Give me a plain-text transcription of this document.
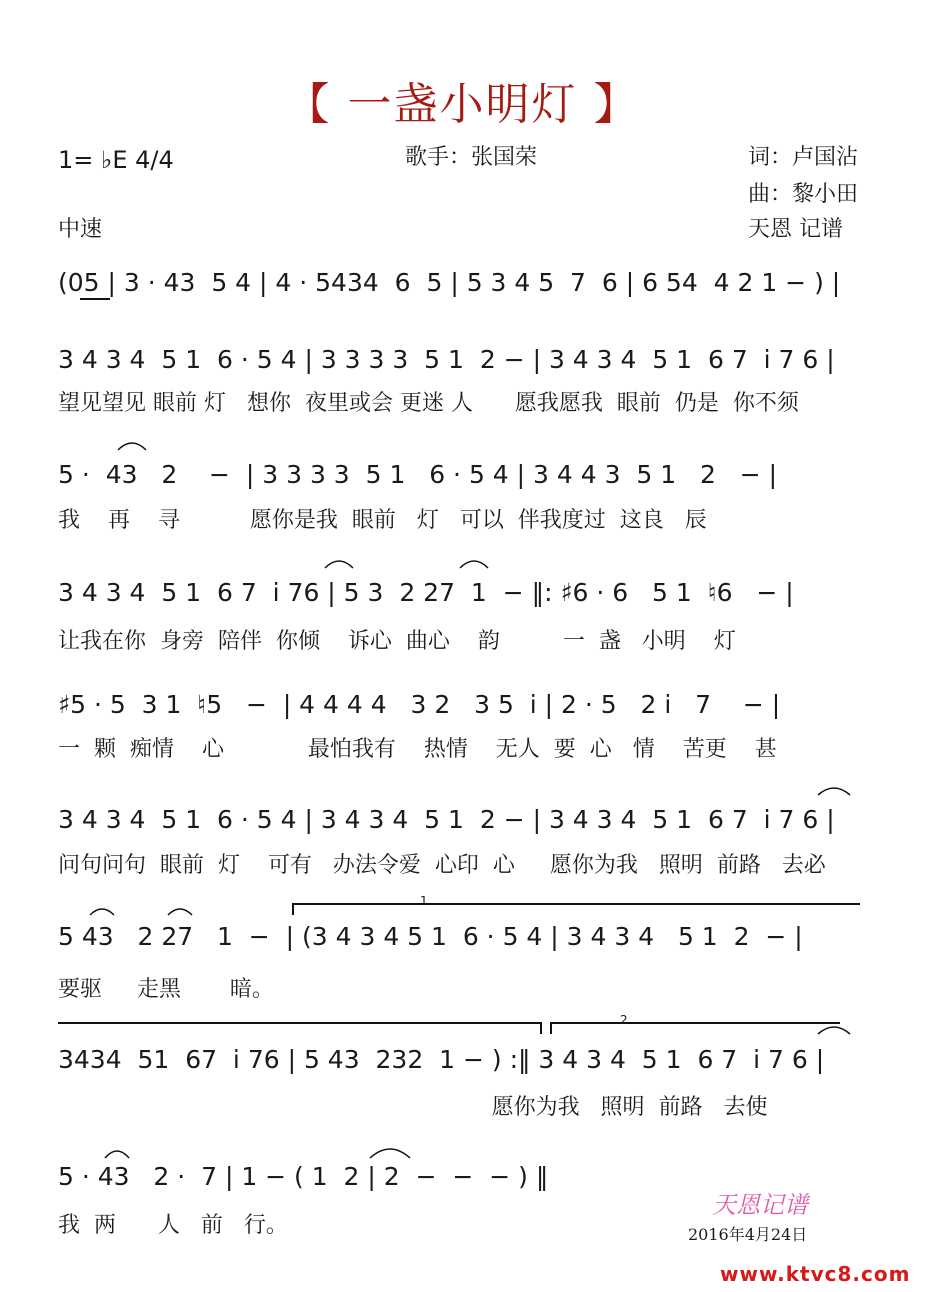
【 一盏小明灯 】
1= ♭E 4/4
中速
歌手：张国荣	词：卢国沾
曲：黎小田
天恩 记谱

(05 | 3 · 43  5 4 | 4 · 5434  6  5 | 5 3 4 5  7  6 | 6 54  4 2 1 − ) |

3 4 3 4  5 1  6 · 5 4 | 3 3 3 3  5 1  2 − | 3 4 3 4  5 1  6 7  i 7 6 |

望见望见 眼前 灯   想你  夜里或会 更迷 人      愿我愿我  眼前  仍是  你不须

5 ·  43   2    −  | 3 3 3 3  5 1   6 · 5 4 | 3 4 4 3  5 1   2   − |

我    再    寻          愿你是我  眼前   灯   可以  伴我度过  这良   辰

3 4 3 4  5 1  6 7  i 76 | 5 3  2 27  1  − ‖: ♯6 · 6   5 1  ♮6   − |

让我在你  身旁  陪伴  你倾    诉心  曲心    韵         一  盏   小明    灯

♯5 · 5  3 1  ♮5   −  | 4 4 4 4   3 2   3 5  i | 2 · 5   2 i   7    − |

一  颗  痴情    心            最怕我有    热情    无人  要  心   情    苦更    甚

3 4 3 4  5 1  6 · 5 4 | 3 4 3 4  5 1  2 − | 3 4 3 4  5 1  6 7  i 7 6 |

问句问句  眼前  灯    可有   办法令爱  心印  心     愿你为我   照明  前路   去必

5 43   2 27   1  −  | (3 4 3 4 5 1  6 · 5 4 | 3 4 3 4   5 1  2  − |

要驱     走黑       暗。
1
2

3434  51  67  i 76 | 5 43  232  1 − ) :‖ 3 4 3 4  5 1  6 7  i 7 6 |

愿你为我   照明  前路   去使

5 · 43   2 ·  7 | 1 − ( 1  2 | 2  −  −  − ) ‖

我  两      人   前   行。
天恩记谱
2016年4月24日
www.ktvc8.com
